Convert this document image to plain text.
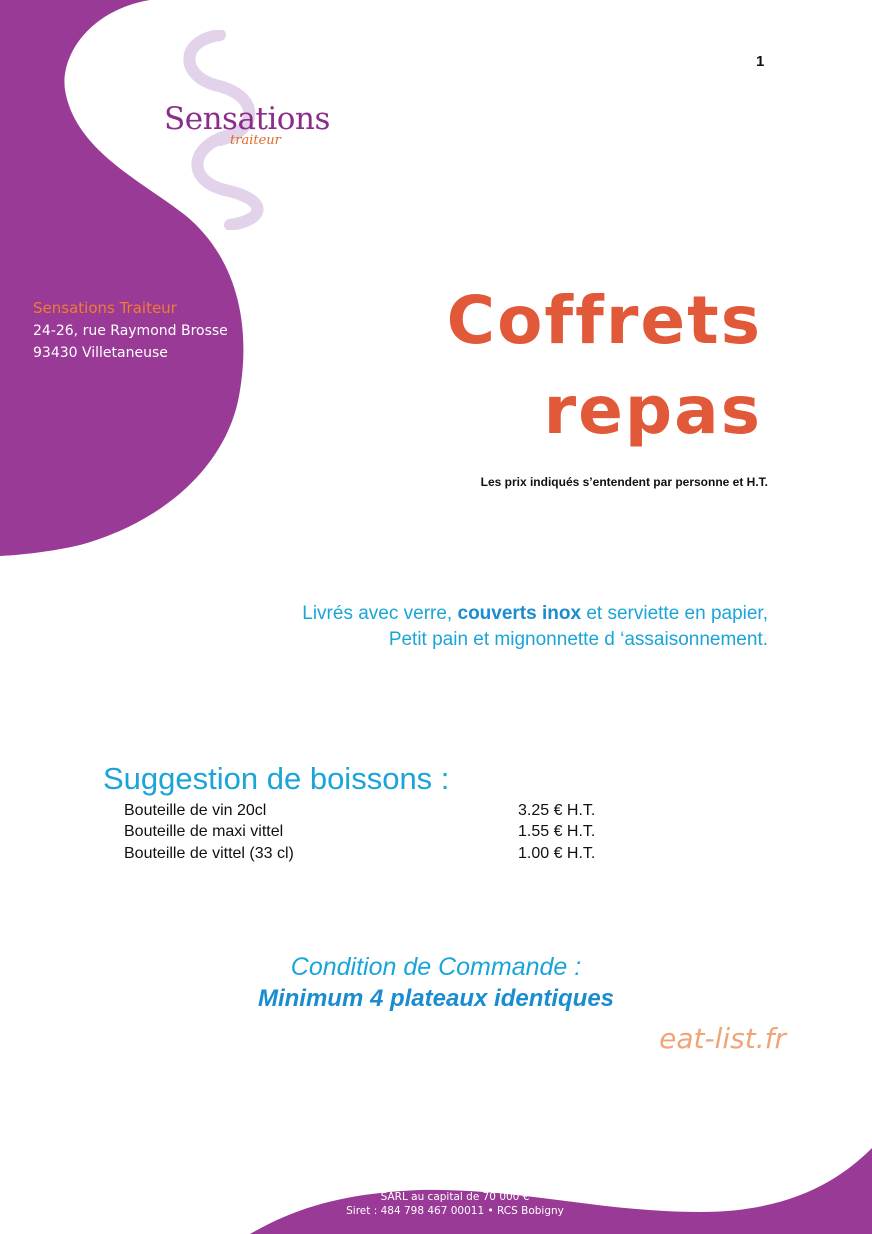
1
Sensations
traiteur
Sensations Traiteur
24-26, rue Raymond Brosse
93430 Villetaneuse	Coffrets
repas
Les prix indiqués s’entendent par personne et H.T.
Livrés avec verre, couverts inox et serviette en papier,
Petit pain et mignonnette d ‘assaisonnement.
Suggestion de boissons :
Bouteille de vin 20cl	3.25 € H.T.
Bouteille de maxi vittel	1.55 € H.T.
Bouteille de vittel (33 cl)	1.00 € H.T.
Condition de Commande :
Minimum 4 plateaux identiques
eat-list.fr
SARL au capital de 70 000 €
Siret : 484 798 467 00011 • RCS Bobigny
